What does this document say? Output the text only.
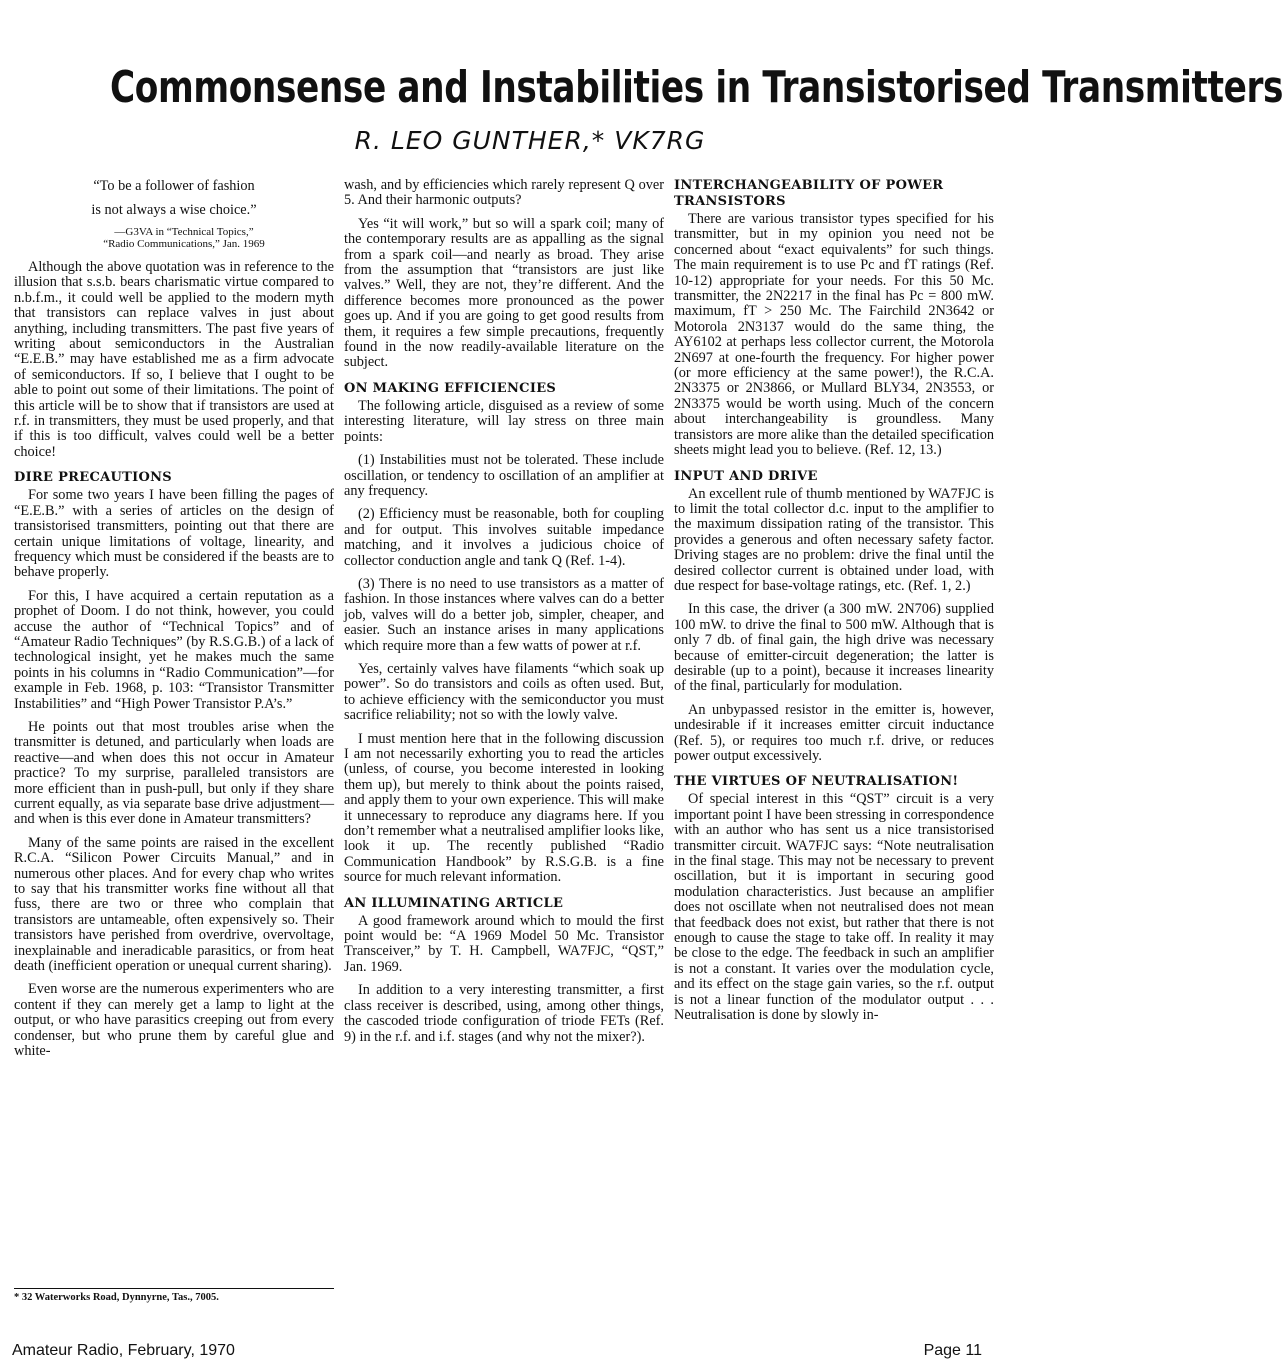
Commonsense and Instabilities in Transistorised Transmitters
R. LEO GUNTHER,* VK7RG

“To be a follower of fashion

is not always a wise choice.”

—G3VA in “Technical Topics,”

“Radio Communications,” Jan. 1969

Although the above quotation was in reference to the illusion that s.s.b. bears charismatic virtue compared to n.b.f.m., it could well be applied to the modern myth that transistors can replace valves in just about anything, including transmitters. The past five years of writing about semiconductors in the Australian “E.E.B.” may have established me as a firm advocate of semiconductors. If so, I believe that I ought to be able to point out some of their limitations. The point of this article will be to show that if transistors are used at r.f. in transmitters, they must be used properly, and that if this is too difficult, valves could well be a better choice!

DIRE PRECAUTIONS

For some two years I have been filling the pages of “E.E.B.” with a series of articles on the design of transistorised transmitters, pointing out that there are certain unique limitations of voltage, linearity, and frequency which must be considered if the beasts are to behave properly.

For this, I have acquired a certain reputation as a prophet of Doom. I do not think, however, you could accuse the author of “Technical Topics” and of “Amateur Radio Techniques” (by R.S.G.B.) of a lack of technological insight, yet he makes much the same points in his columns in “Radio Communication”—for example in Feb. 1968, p. 103: “Transistor Transmitter Instabilities” and “High Power Transistor P.A’s.”

He points out that most troubles arise when the transmitter is detuned, and particularly when loads are reactive—and when does this not occur in Amateur practice? To my surprise, paralleled transistors are more efficient than in push-pull, but only if they share current equally, as via separate base drive adjustment—and when is this ever done in Amateur transmitters?

Many of the same points are raised in the excellent R.C.A. “Silicon Power Circuits Manual,” and in numerous other places. And for every chap who writes to say that his transmitter works fine without all that fuss, there are two or three who complain that transistors are untameable, often expensively so. Their transistors have perished from overdrive, overvoltage, inexplainable and ineradicable parasitics, or from heat death (inefficient operation or unequal current sharing).

Even worse are the numerous experimenters who are content if they can merely get a lamp to light at the output, or who have parasitics creeping out from every condenser, but who prune them by careful glue and white-

wash, and by efficiencies which rarely represent Q over 5. And their harmonic outputs?

Yes “it will work,” but so will a spark coil; many of the contemporary results are as appalling as the signal from a spark coil—and nearly as broad. They arise from the assumption that “transistors are just like valves.” Well, they are not, they’re different. And the difference becomes more pronounced as the power goes up. And if you are going to get good results from them, it requires a few simple precautions, frequently found in the now readily-available literature on the subject.

ON MAKING EFFICIENCIES

The following article, disguised as a review of some interesting literature, will lay stress on three main points:

(1) Instabilities must not be tolerated. These include oscillation, or tendency to oscillation of an amplifier at any frequency.

(2) Efficiency must be reasonable, both for coupling and for output. This involves suitable impedance matching, and it involves a judicious choice of collector conduction angle and tank Q (Ref. 1-4).

(3) There is no need to use transistors as a matter of fashion. In those instances where valves can do a better job, valves will do a better job, simpler, cheaper, and easier. Such an instance arises in many applications which require more than a few watts of power at r.f.

Yes, certainly valves have filaments “which soak up power”. So do transistors and coils as often used. But, to achieve efficiency with the semiconductor you must sacrifice reliability; not so with the lowly valve.

I must mention here that in the following discussion I am not necessarily exhorting you to read the articles (unless, of course, you become interested in looking them up), but merely to think about the points raised, and apply them to your own experience. This will make it unnecessary to reproduce any diagrams here. If you don’t remember what a neutralised amplifier looks like, look it up. The recently published “Radio Communication Handbook” by R.S.G.B. is a fine source for much relevant information.

AN ILLUMINATING ARTICLE

A good framework around which to mould the first point would be: “A 1969 Model 50 Mc. Transistor Transceiver,” by T. H. Campbell, WA7FJC, “QST,” Jan. 1969.

In addition to a very interesting transmitter, a first class receiver is described, using, among other things, the cascoded triode configuration of triode FETs (Ref. 9) in the r.f. and i.f. stages (and why not the mixer?).

INTERCHANGEABILITY OF POWER TRANSISTORS

There are various transistor types specified for his transmitter, but in my opinion you need not be concerned about “exact equivalents” for such things. The main requirement is to use Pc and fT ratings (Ref. 10-12) appropriate for your needs. For this 50 Mc. transmitter, the 2N2217 in the final has Pc = 800 mW. maximum, fT > 250 Mc. The Fairchild 2N3642 or Motorola 2N3137 would do the same thing, the AY6102 at perhaps less collector current, the Motorola 2N697 at one-fourth the frequency. For higher power (or more efficiency at the same power!), the R.C.A. 2N3375 or 2N3866, or Mullard BLY34, 2N3553, or 2N3375 would be worth using. Much of the concern about interchangeability is groundless. Many transistors are more alike than the detailed specification sheets might lead you to believe. (Ref. 12, 13.)

INPUT AND DRIVE

An excellent rule of thumb mentioned by WA7FJC is to limit the total collector d.c. input to the amplifier to the maximum dissipation rating of the transistor. This provides a generous and often necessary safety factor. Driving stages are no problem: drive the final until the desired collector current is obtained under load, with due respect for base-voltage ratings, etc. (Ref. 1, 2.)

In this case, the driver (a 300 mW. 2N706) supplied 100 mW. to drive the final to 500 mW. Although that is only 7 db. of final gain, the high drive was necessary because of emitter-circuit degeneration; the latter is desirable (up to a point), because it increases linearity of the final, particularly for modulation.

An unbypassed resistor in the emitter is, however, undesirable if it increases emitter circuit inductance (Ref. 5), or requires too much r.f. drive, or reduces power output excessively.

THE VIRTUES OF NEUTRALISATION!

Of special interest in this “QST” circuit is a very important point I have been stressing in correspondence with an author who has sent us a nice transistorised transmitter circuit. WA7FJC says: “Note neutralisation in the final stage. This may not be necessary to prevent oscillation, but it is important in securing good modulation characteristics. Just because an amplifier does not oscillate when not neutralised does not mean that feedback does not exist, but rather that there is not enough to cause the stage to take off. In reality it may be close to the edge. The feedback in such an amplifier is not a constant. It varies over the modulation cycle, and its effect on the stage gain varies, so the r.f. output is not a linear function of the modulator output . . . Neutralisation is done by slowly in-

* 32 Waterworks Road, Dynnyrne, Tas., 7005.
Amateur Radio, February, 1970	Page 11
